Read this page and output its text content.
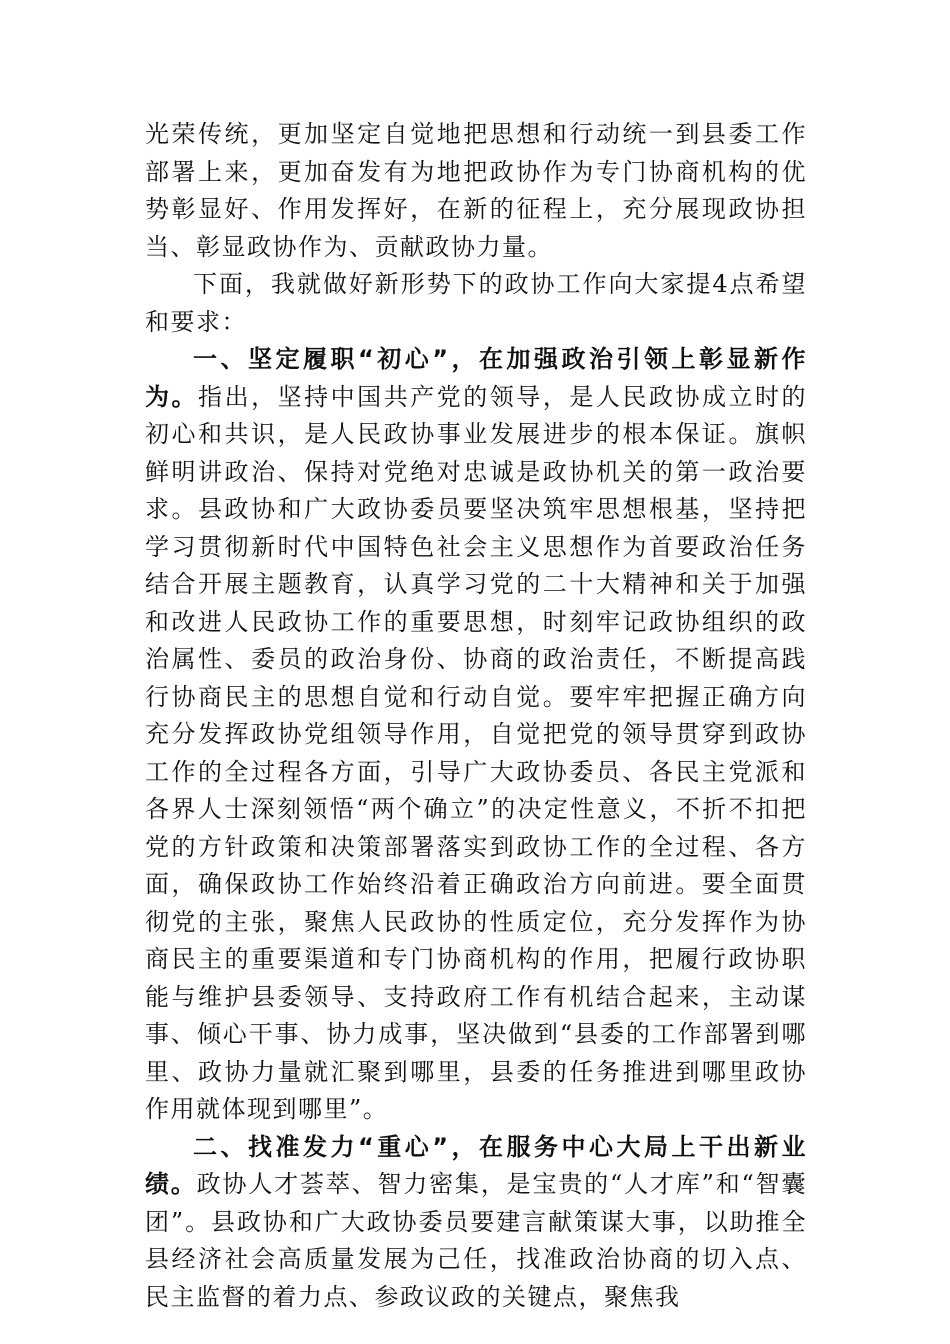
光荣传统，更加坚定自觉地把思想和行动统一到县委工作部署上来，更加奋发有为地把政协作为专门协商机构的优势彰显好、作用发挥好，在新的征程上，充分展现政协担当、彰显政协作为、贡献政协力量。

下面，我就做好新形势下的政协工作向大家提4点希望和要求：

一、坚定履职“初心”，在加强政治引领上彰显新作为。指出，坚持中国共产党的领导，是人民政协成立时的初心和共识，是人民政协事业发展进步的根本保证。旗帜鲜明讲政治、保持对党绝对忠诚是政协机关的第一政治要求。县政协和广大政协委员要坚决筑牢思想根基，坚持把学习贯彻新时代中国特色社会主义思想作为首要政治任务结合开展主题教育，认真学习党的二十大精神和关于加强和改进人民政协工作的重要思想，时刻牢记政协组织的政治属性、委员的政治身份、协商的政治责任，不断提高践行协商民主的思想自觉和行动自觉。要牢牢把握正确方向充分发挥政协党组领导作用，自觉把党的领导贯穿到政协工作的全过程各方面，引导广大政协委员、各民主党派和各界人士深刻领悟“两个确立”的决定性意义，不折不扣把党的方针政策和决策部署落实到政协工作的全过程、各方面，确保政协工作始终沿着正确政治方向前进。要全面贯彻党的主张，聚焦人民政协的性质定位，充分发挥作为协商民主的重要渠道和专门协商机构的作用，把履行政协职能与维护县委领导、支持政府工作有机结合起来，主动谋事、倾心干事、协力成事，坚决做到“县委的工作部署到哪里、政协力量就汇聚到哪里，县委的任务推进到哪里政协作用就体现到哪里”。

二、找准发力“重心”，在服务中心大局上干出新业绩。政协人才荟萃、智力密集，是宝贵的“人才库”和“智囊团”。县政协和广大政协委员要建言献策谋大事，以助推全县经济社会高质量发展为己任，找准政治协商的切入点、民主监督的着力点、参政议政的关键点，聚焦我
